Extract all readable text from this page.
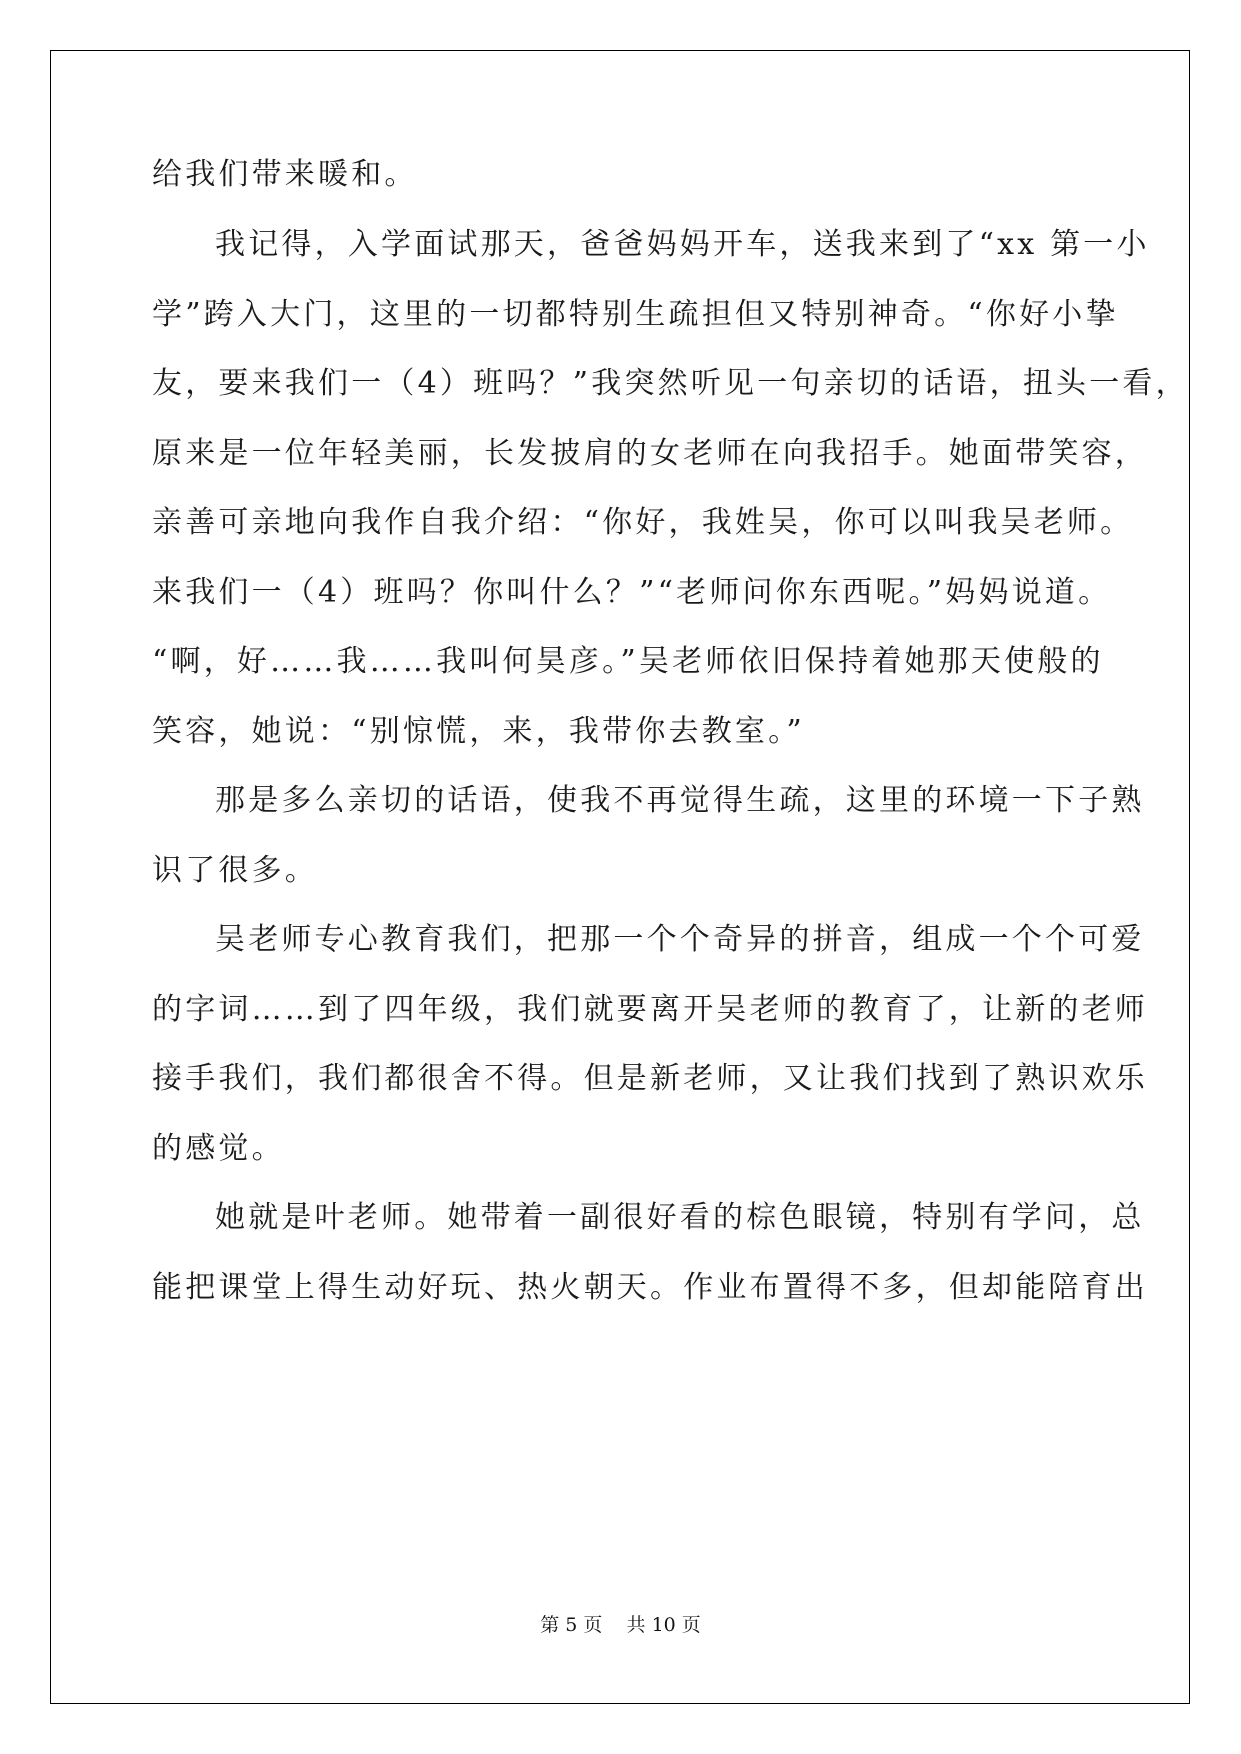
给我们带来暖和。
我记得，入学面试那天，爸爸妈妈开车，送我来到了“xx 第一小
学”跨入大门，这里的一切都特别生疏担但又特别神奇。“你好小挚
友，要来我们一（4）班吗？”我突然听见一句亲切的话语，扭头一看，
原来是一位年轻美丽，长发披肩的女老师在向我招手。她面带笑容，
亲善可亲地向我作自我介绍：“你好，我姓吴，你可以叫我吴老师。
来我们一（4）班吗？你叫什么？”“老师问你东西呢。”妈妈说道。
“啊，好……我……我叫何昊彦。”吴老师依旧保持着她那天使般的
笑容，她说：“别惊慌，来，我带你去教室。”
那是多么亲切的话语，使我不再觉得生疏，这里的环境一下子熟
识了很多。
吴老师专心教育我们，把那一个个奇异的拼音，组成一个个可爱
的字词……到了四年级，我们就要离开吴老师的教育了，让新的老师
接手我们，我们都很舍不得。但是新老师，又让我们找到了熟识欢乐
的感觉。
她就是叶老师。她带着一副很好看的棕色眼镜，特别有学问，总
能把课堂上得生动好玩、热火朝天。作业布置得不多，但却能陪育出
第 5 页 共 10 页
